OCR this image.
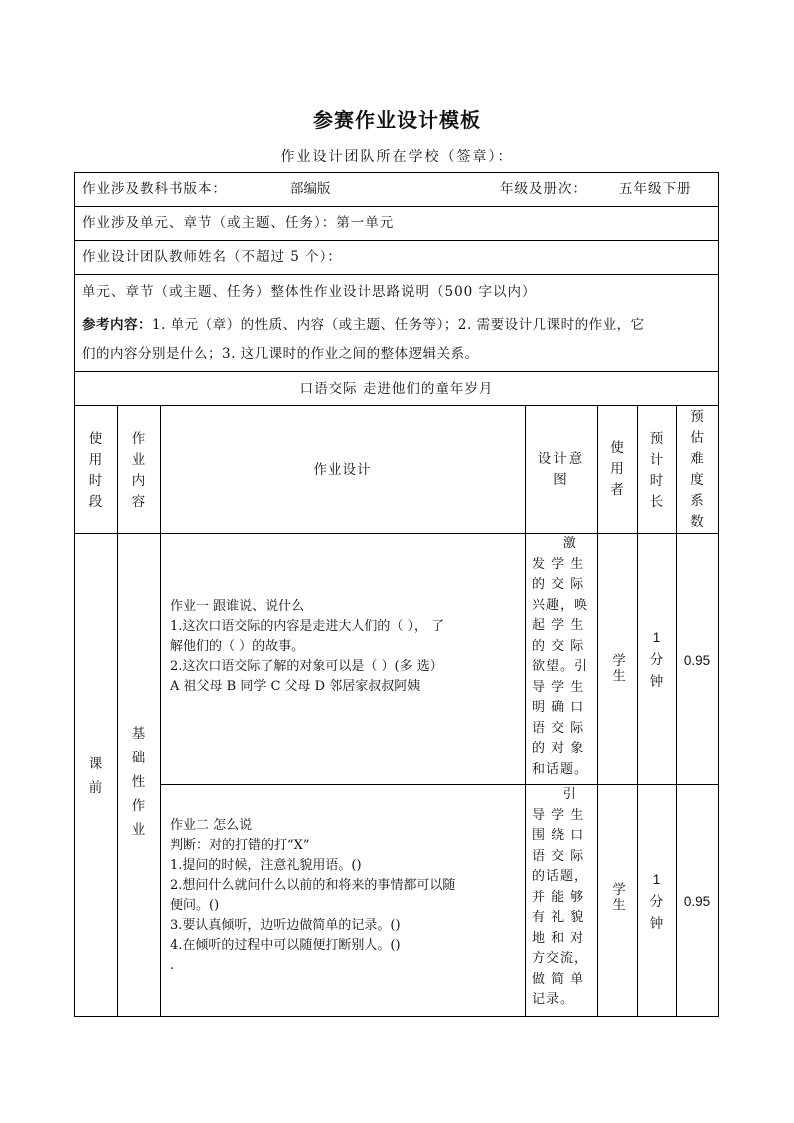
参赛作业设计模板
作业设计团队所在学校（签章）：
作业涉及教科书版本：	部编版	年级及册次： 五年级下册
作业涉及单元、章节（或主题、任务）：第一单元
作业设计团队教师姓名（不超过 5 个）：
单元、章节（或主题、任务）整体性作业设计思路说明（500 字以内）
参考内容：1. 单元（章）的性质、内容（或主题、任务等）；2. 需要设计几课时的作业，它
们的内容分别是什么；3. 这几课时的作业之间的整体逻辑关系。
口语交际 走进他们的童年岁月
使
用
时
段
作
业
内
容
作业设计
设计意
图
使
用
者
预
计
时
长
预
估
难
度
系
数
课
前
基
础
性
作
业
作业一 跟谁说、说什么
1.这次口语交际的内容是走进大人们的（ ）， 了
解他们的（ ）的故事。
2.这次口语交际了解的对象可以是（ ）(多 选）
A 祖父母 B 同学 C 父母 D 邻居家叔叔阿姨
激
发 学 生
的 交 际
兴趣，唤
起 学 生
的 交 际
欲望。引
导 学 生
明 确 口
语 交 际
的 对 象
和话题。
学生
1
分
钟
0.95
作业二 怎么说
判断：对的打错的打“X”
1.提问的时候，注意礼貌用语。()
2.想问什么就问什么以前的和将来的事情都可以随
便问。()
3.要认真倾听，边听边做简单的记录。()
4.在倾听的过程中可以随便打断别人。()
.
引
导 学 生
围 绕 口
语 交 际
的话题，
并 能 够
有 礼 貌
地 和 对
方交流，
做 简 单
记录。
学生
1
分
钟
0.95
